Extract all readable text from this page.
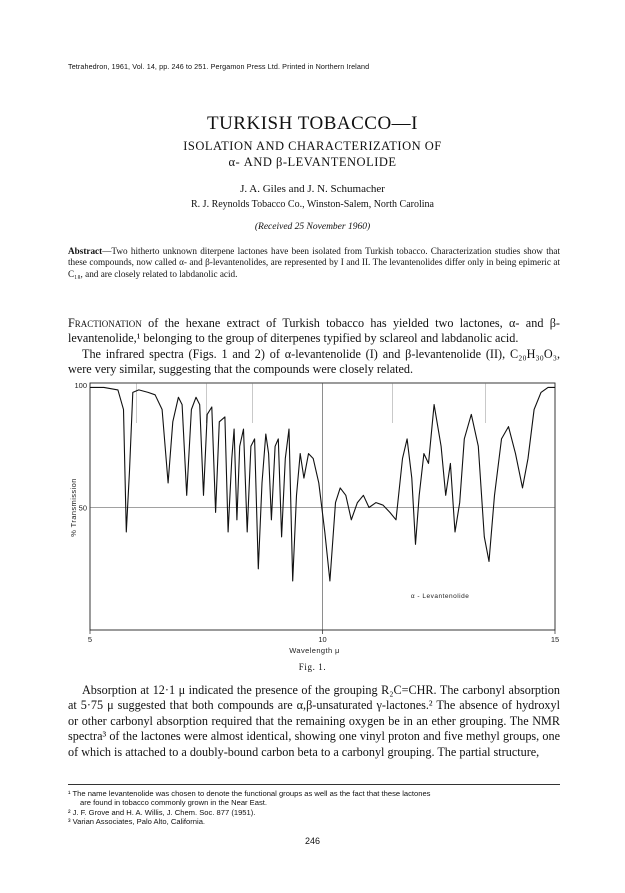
Tetrahedron, 1961, Vol. 14, pp. 246 to 251. Pergamon Press Ltd. Printed in Northern Ireland
TURKISH TOBACCO—I
ISOLATION AND CHARACTERIZATION OF
α- AND β-LEVANTENOLIDE
J. A. Giles and J. N. Schumacher
R. J. Reynolds Tobacco Co., Winston-Salem, North Carolina
(Received 25 November 1960)
Abstract—Two hitherto unknown diterpene lactones have been isolated from Turkish tobacco. Characterization studies show that these compounds, now called α- and β-levantenolides, are represented by I and II. The levantenolides differ only in being epimeric at C₁₈, and are closely related to labdanolic acid.
Fractionation of the hexane extract of Turkish tobacco has yielded two lactones, α- and β-levantenolide,¹ belonging to the group of diterpenes typified by sclareol and labdanolic acid.
The infrared spectra (Figs. 1 and 2) of α-levantenolide (I) and β-levantenolide (II), C₂₀H₃₀O₃, were very similar, suggesting that the compounds were closely related.
5	10	15
100
50
Wavelength μ
% Transmission
α - Levantenolide
Fig. 1.
Absorption at 12·1 μ indicated the presence of the grouping R₂C=CHR. The carbonyl absorption at 5·75 μ suggested that both compounds are α,β-unsaturated γ-lactones.² The absence of hydroxyl or other carbonyl absorption required that the remaining oxygen be in an ether grouping. The NMR spectra³ of the lactones were almost identical, showing one vinyl proton and five methyl groups, one of which is attached to a doubly-bound carbon beta to a carbonyl grouping. The partial structure,
¹ The name levantenolide was chosen to denote the functional groups as well as the fact that these lactones
are found in tobacco commonly grown in the Near East.
² J. F. Grove and H. A. Willis, J. Chem. Soc. 877 (1951).
³ Varian Associates, Palo Alto, California.
246
